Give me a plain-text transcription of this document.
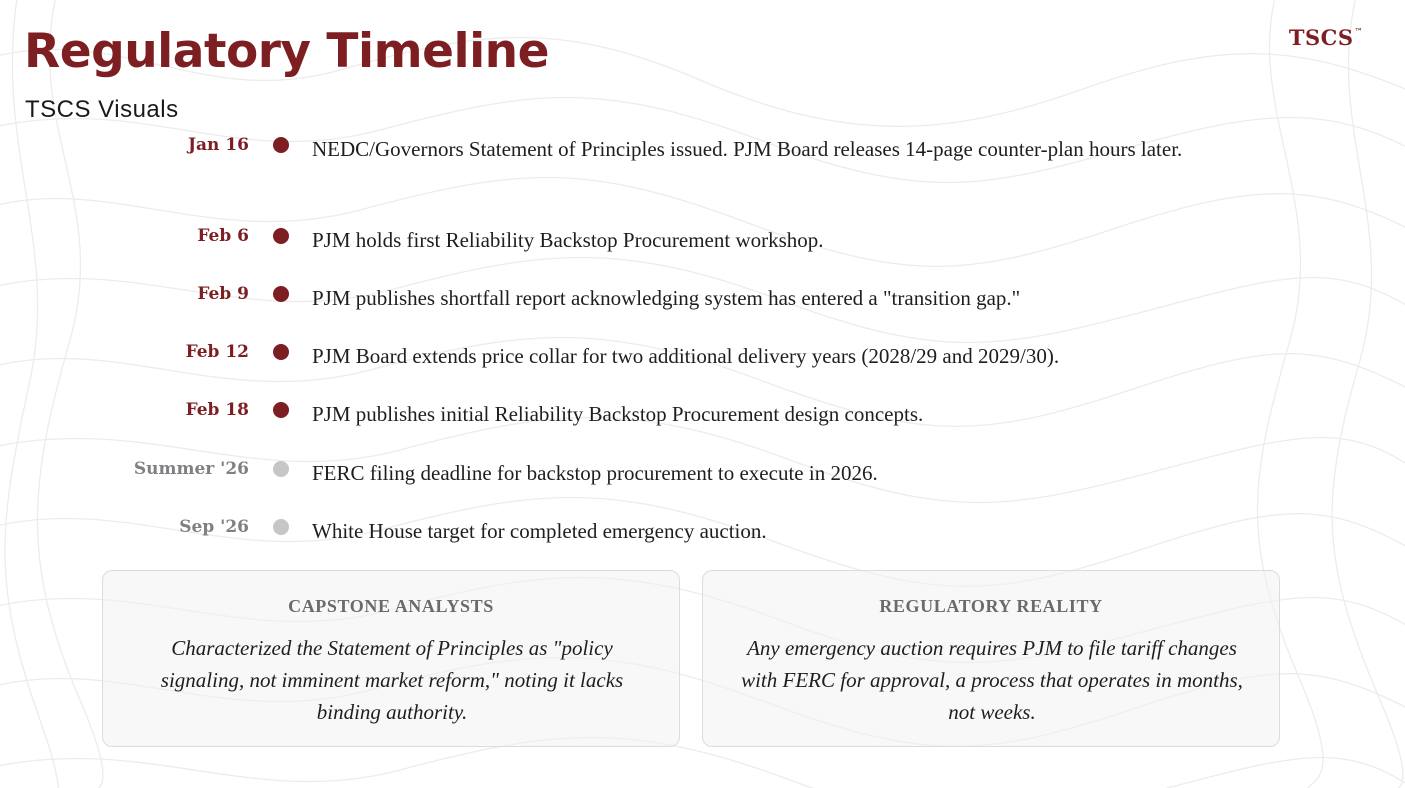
Regulatory Timeline
TSCS Visuals
TSCS™
Jan 16	NEDC/Governors Statement of Principles issued. PJM Board releases 14-page counter-plan hours later.
Feb 6	PJM holds first Reliability Backstop Procurement workshop.
Feb 9	PJM publishes shortfall report acknowledging system has entered a "transition gap."
Feb 12	PJM Board extends price collar for two additional delivery years (2028/29 and 2029/30).
Feb 18	PJM publishes initial Reliability Backstop Procurement design concepts.
Summer '26	FERC filing deadline for backstop procurement to execute in 2026.
Sep '26	White House target for completed emergency auction.
CAPSTONE ANALYSTS
Characterized the Statement of Principles as "policy signaling, not imminent market reform," noting it lacks binding authority.
REGULATORY REALITY
Any emergency auction requires PJM to file tariff changes with FERC for approval, a process that operates in months, not weeks.
